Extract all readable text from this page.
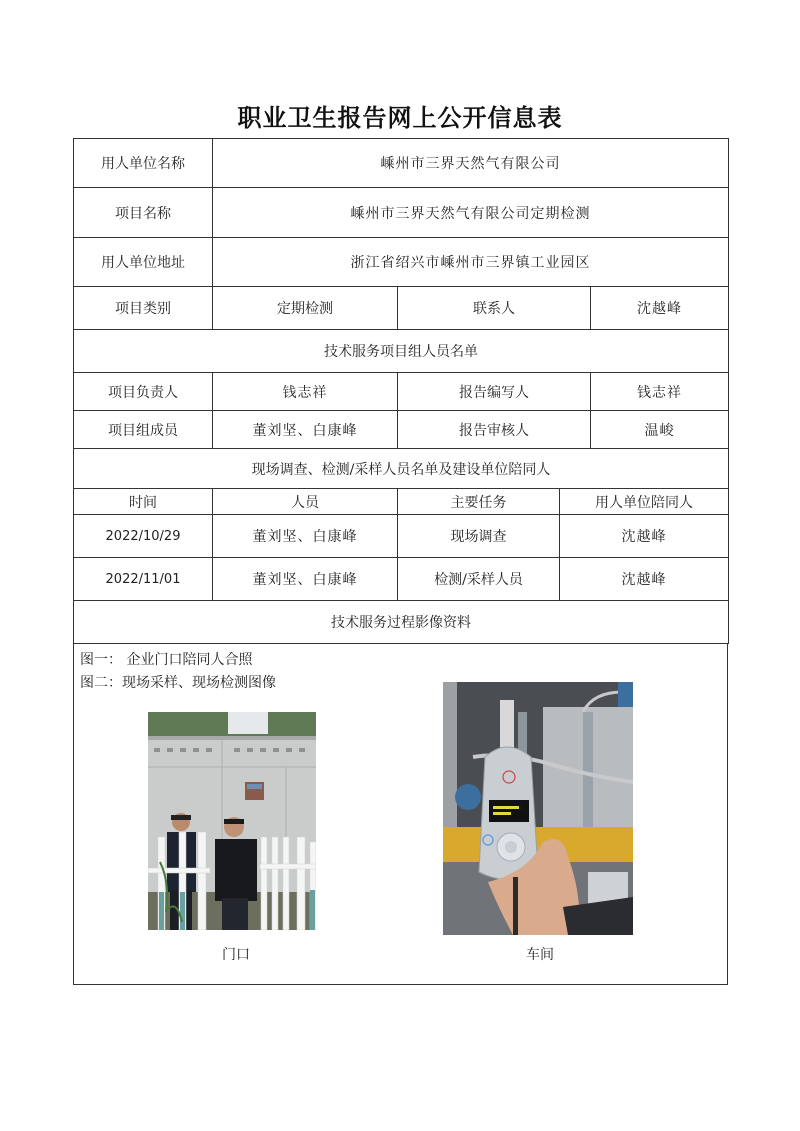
职业卫生报告网上公开信息表
用人单位名称	嵊州市三界天然气有限公司		
项目名称	嵊州市三界天然气有限公司定期检测		
用人单位地址	浙江省绍兴市嵊州市三界镇工业园区		
项目类别	定期检测	联系人	沈越峰
技术服务项目组人员名单			
项目负责人	钱志祥	报告编写人	钱志祥
项目组成员	董刘坚、白康峰	报告审核人	温峻
现场调查、检测/采样人员名单及建设单位陪同人			
时间	人员	主要任务	用人单位陪同人
2022/10/29	董刘坚、白康峰	现场调查	沈越峰
2022/11/01	董刘坚、白康峰	检测/采样人员	沈越峰
技术服务过程影像资料			
图一： 企业门口陪同人合照
图二：现场采样、现场检测图像
门口	车间
